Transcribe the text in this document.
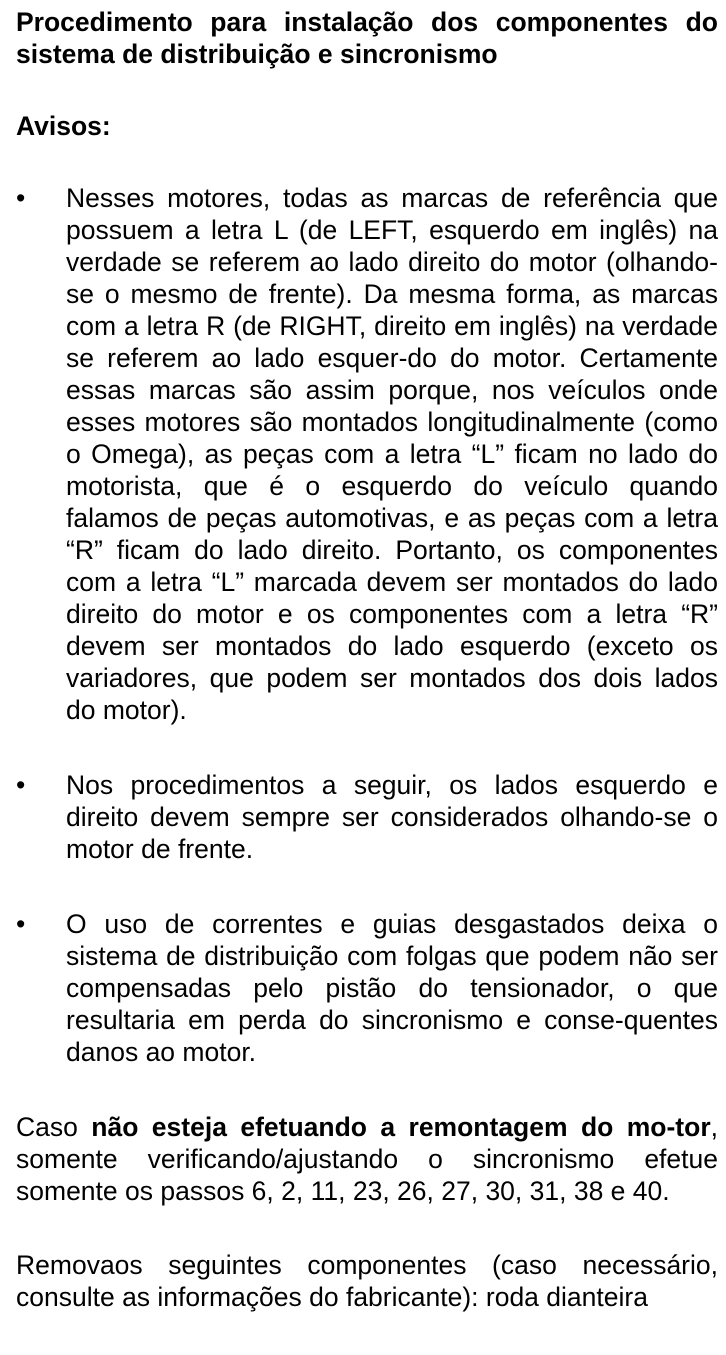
Procedimento para instalação dos componentes do sistema de distribuição e sincronismo
Avisos:
•	Nesses motores, todas as marcas de referência que possuem a letra L (de LEFT, esquerdo em inglês) na verdade se referem ao lado direito do motor (olhando-se o mesmo de frente). Da mesma forma, as marcas com a letra R (de RIGHT, direito em inglês) na verdade se referem ao lado esquer-do do motor. Certamente essas marcas são assim porque, nos veículos onde esses motores são montados longitudinalmente (como o Omega), as peças com a letra “L” ficam no lado do motorista, que é o esquerdo do veículo quando falamos de peças automotivas, e as peças com a letra “R” ficam do lado direito. Portanto, os componentes com a letra “L” marcada devem ser montados do lado direito do motor e os componentes com a letra “R” devem ser montados do lado esquerdo (exceto os variadores, que podem ser montados dos dois lados do motor).
•	Nos procedimentos a seguir, os lados esquerdo e direito devem sempre ser considerados olhando-se o motor de frente.
•	O uso de correntes e guias desgastados deixa o sistema de distribuição com folgas que podem não ser compensadas pelo pistão do tensionador, o que resultaria em perda do sincronismo e conse-quentes danos ao motor.

Caso não esteja efetuando a remontagem do mo-tor, somente verificando/ajustando o sincronismo efetue somente os passos 6, 2, 11, 23, 26, 27, 30, 31, 38 e 40.

Removaos seguintes componentes (caso necessário, consulte as informações do fabricante): roda dianteira
